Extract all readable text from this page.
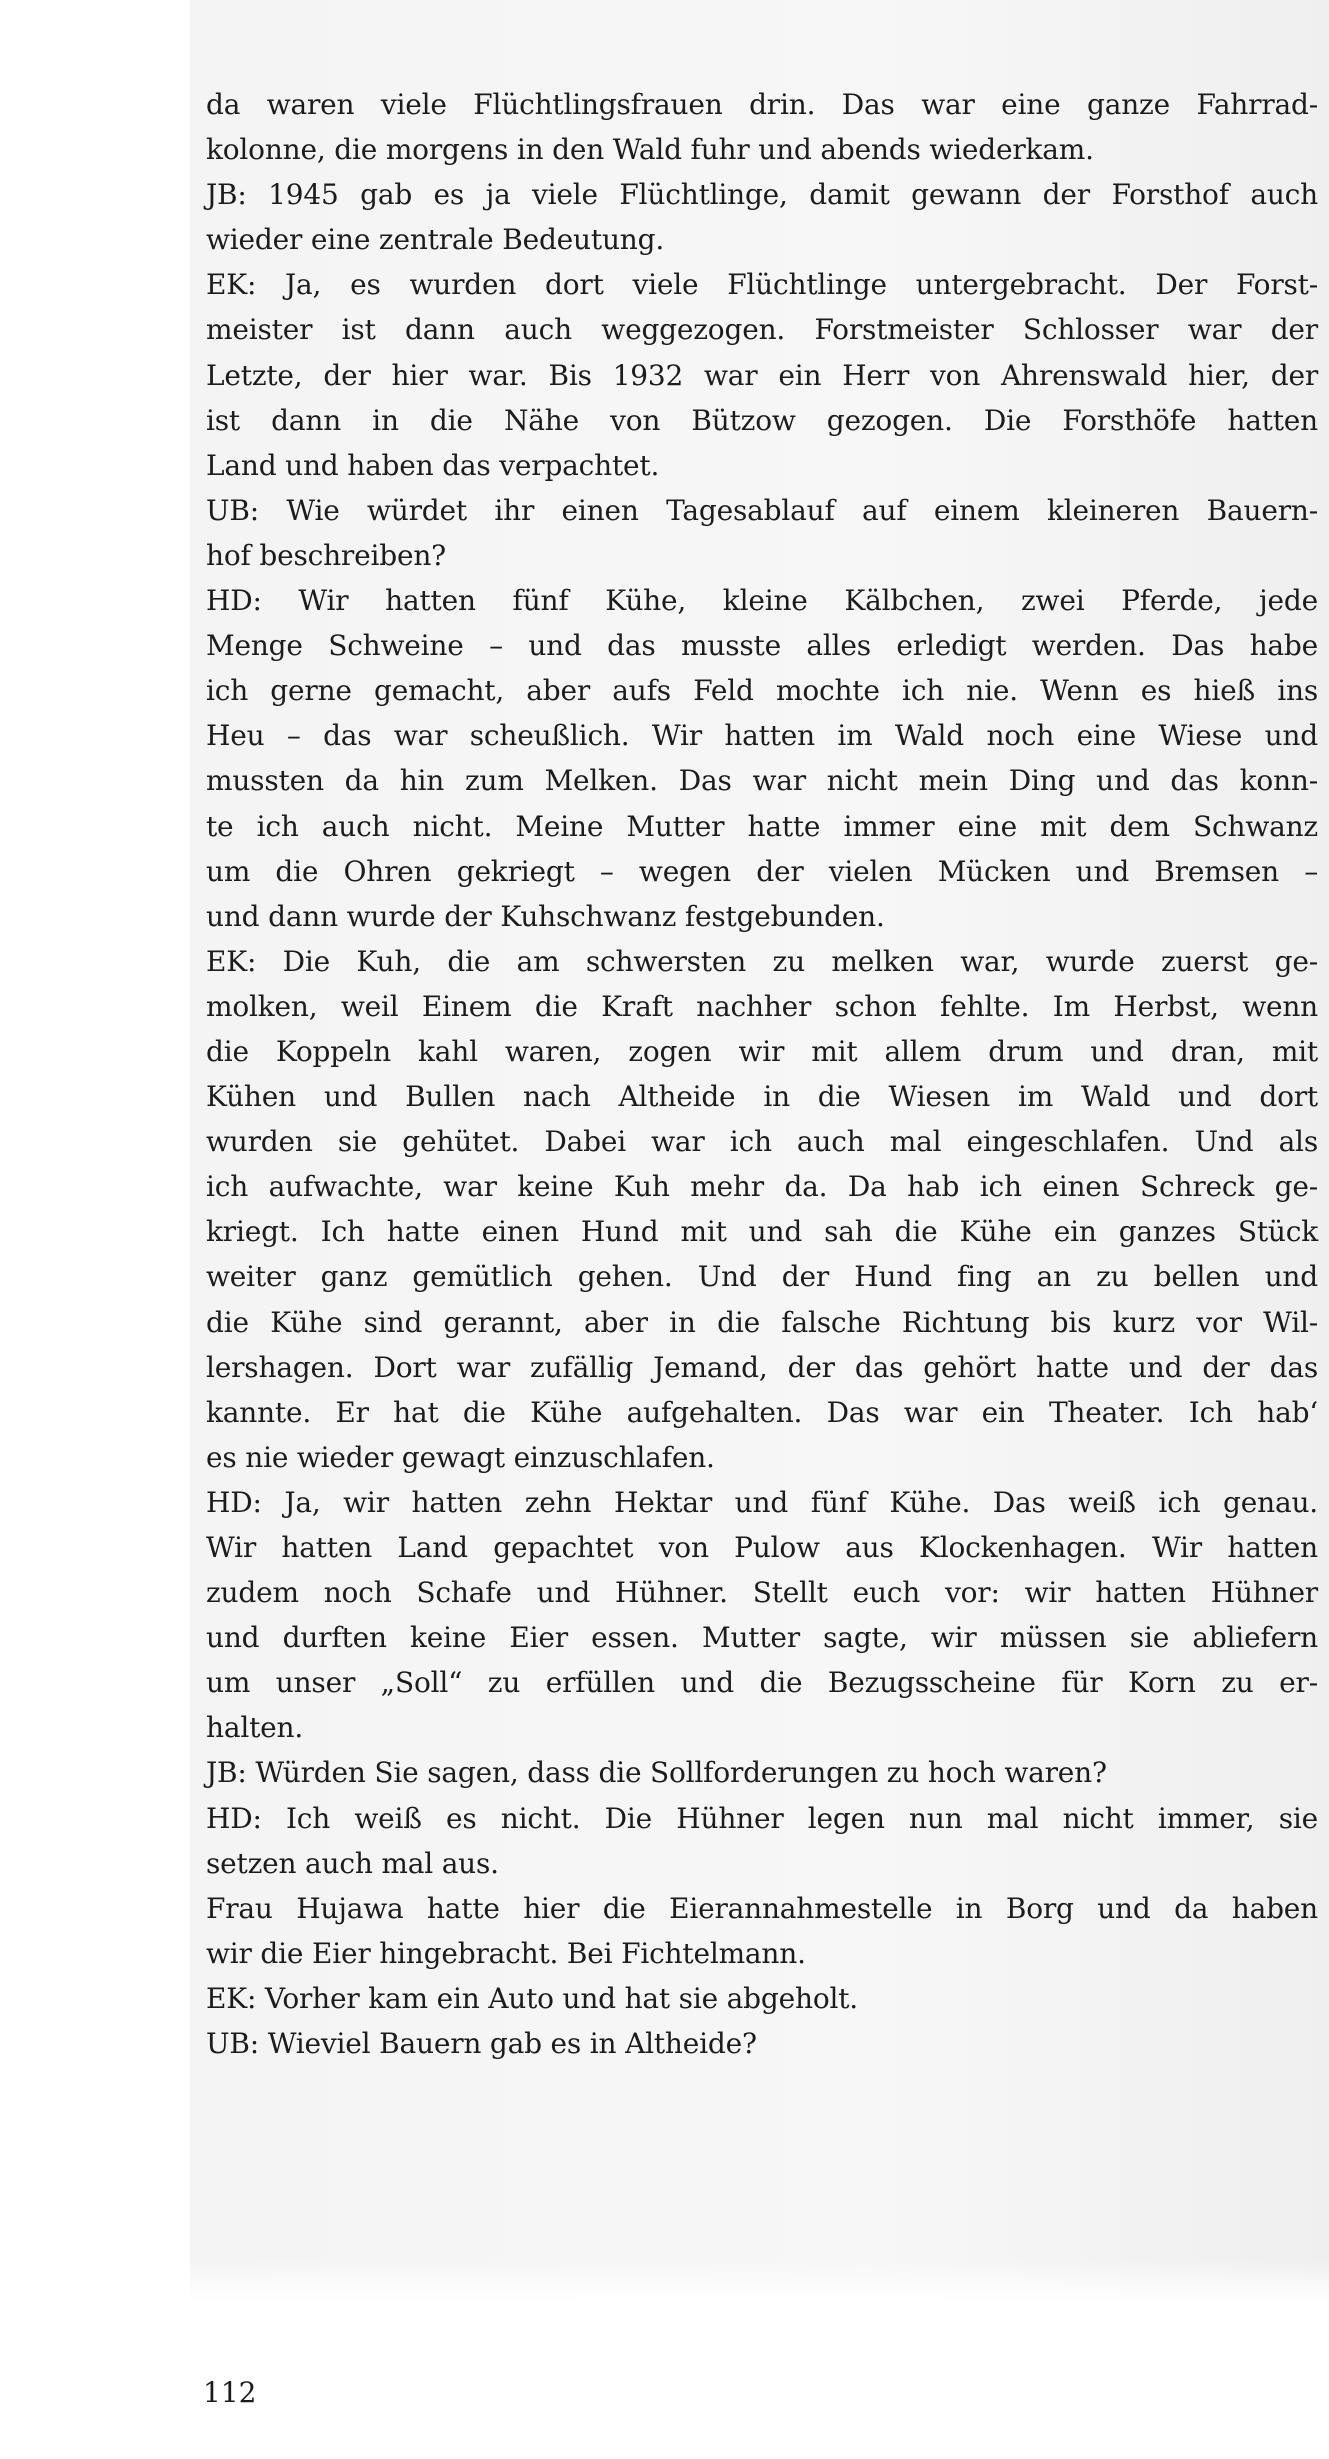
da waren viele Flüchtlingsfrauen drin. Das war eine ganze Fahrrad-
kolonne, die morgens in den Wald fuhr und abends wiederkam.
JB: 1945 gab es ja viele Flüchtlinge, damit gewann der Forsthof auch
wieder eine zentrale Bedeutung.
EK: Ja, es wurden dort viele Flüchtlinge untergebracht. Der Forst-
meister ist dann auch weggezogen. Forstmeister Schlosser war der
Letzte, der hier war. Bis 1932 war ein Herr von Ahrenswald hier, der
ist dann in die Nähe von Bützow gezogen. Die Forsthöfe hatten
Land und haben das verpachtet.
UB: Wie würdet ihr einen Tagesablauf auf einem kleineren Bauern-
hof beschreiben?
HD: Wir hatten fünf Kühe, kleine Kälbchen, zwei Pferde, jede
Menge Schweine – und das musste alles erledigt werden. Das habe
ich gerne gemacht, aber aufs Feld mochte ich nie. Wenn es hieß ins
Heu – das war scheußlich. Wir hatten im Wald noch eine Wiese und
mussten da hin zum Melken. Das war nicht mein Ding und das konn-
te ich auch nicht. Meine Mutter hatte immer eine mit dem Schwanz
um die Ohren gekriegt – wegen der vielen Mücken und Bremsen –
und dann wurde der Kuhschwanz festgebunden.
EK: Die Kuh, die am schwersten zu melken war, wurde zuerst ge-
molken, weil Einem die Kraft nachher schon fehlte. Im Herbst, wenn
die Koppeln kahl waren, zogen wir mit allem drum und dran, mit
Kühen und Bullen nach Altheide in die Wiesen im Wald und dort
wurden sie gehütet. Dabei war ich auch mal eingeschlafen. Und als
ich aufwachte, war keine Kuh mehr da. Da hab ich einen Schreck ge-
kriegt. Ich hatte einen Hund mit und sah die Kühe ein ganzes Stück
weiter ganz gemütlich gehen. Und der Hund fing an zu bellen und
die Kühe sind gerannt, aber in die falsche Richtung bis kurz vor Wil-
lershagen. Dort war zufällig Jemand, der das gehört hatte und der das
kannte. Er hat die Kühe aufgehalten. Das war ein Theater. Ich hab‘
es nie wieder gewagt einzuschlafen.
HD: Ja, wir hatten zehn Hektar und fünf Kühe. Das weiß ich genau.
Wir hatten Land gepachtet von Pulow aus Klockenhagen. Wir hatten
zudem noch Schafe und Hühner. Stellt euch vor: wir hatten Hühner
und durften keine Eier essen. Mutter sagte, wir müssen sie abliefern
um unser „Soll“ zu erfüllen und die Bezugsscheine für Korn zu er-
halten.
JB: Würden Sie sagen, dass die Sollforderungen zu hoch waren?
HD: Ich weiß es nicht. Die Hühner legen nun mal nicht immer, sie
setzen auch mal aus.
Frau Hujawa hatte hier die Eierannahmestelle in Borg und da haben
wir die Eier hingebracht. Bei Fichtelmann.
EK: Vorher kam ein Auto und hat sie abgeholt.
UB: Wieviel Bauern gab es in Altheide?
112
